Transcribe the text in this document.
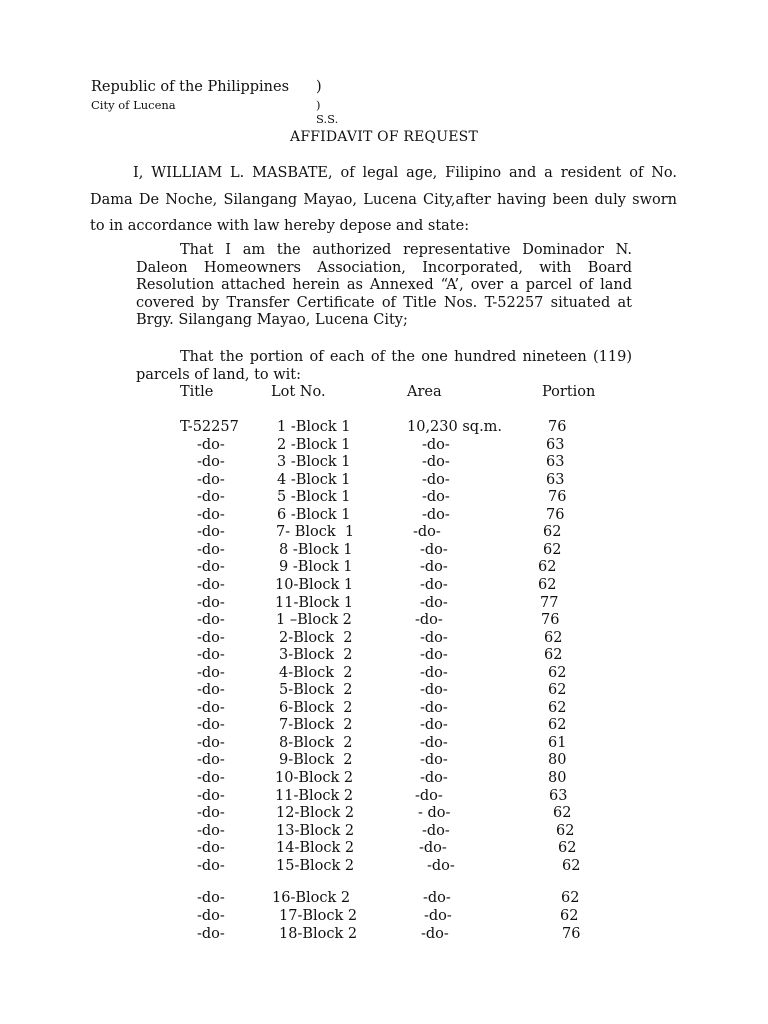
Republic of the Philippines )
City of Lucena	) S.S.
AFFIDAVIT OF REQUEST
I, WILLIAM L. MASBATE, of legal age, Filipino and a resident of No. Dama De Noche, Silangang Mayao, Lucena City,after having been duly sworn to in accordance with law hereby depose and state:
That I am the authorized representative Dominador N. Daleon Homeowners Association, Incorporated, with Board Resolution attached herein as Annexed “A’, over a parcel of land covered by Transfer Certificate of Title Nos. T-52257 situated at Brgy. Silangang Mayao, Lucena City;
That the portion of each of the one hundred nineteen (119) parcels of land, to wit:
Title	Lot No.	Area	Portion
T-52257	1 -Block 1	10,230 sq.m.	76
-do-	2 -Block 1	-do-	63
-do-	3 -Block 1	-do-	63
-do-	4 -Block 1	-do-	63
-do-	5 -Block 1	-do-	76
-do-	6 -Block 1	-do-	76
-do-	7- Block  1	-do-	62
-do-	8 -Block 1	-do-	62
-do-	9 -Block 1	-do-	62
-do-	10-Block 1	-do-	62
-do-	11-Block 1	-do-	77
-do-	1 –Block 2	-do-	76
-do-	2-Block  2	-do-	62
-do-	3-Block  2	-do-	62
-do-	4-Block  2	-do-	62
-do-	5-Block  2	-do-	62
-do-	6-Block  2	-do-	62
-do-	7-Block  2	-do-	62
-do-	8-Block  2	-do-	61
-do-	9-Block  2	-do-	80
-do-	10-Block 2	-do-	80
-do-	11-Block 2	-do-	63
-do-	12-Block 2	- do-	62
-do-	13-Block 2	-do-	62
-do-	14-Block 2	-do-	62
-do-	15-Block 2	-do-	62
-do-	16-Block 2	-do-	62
-do-	17-Block 2	-do-	62
-do-	18-Block 2	-do-	76
